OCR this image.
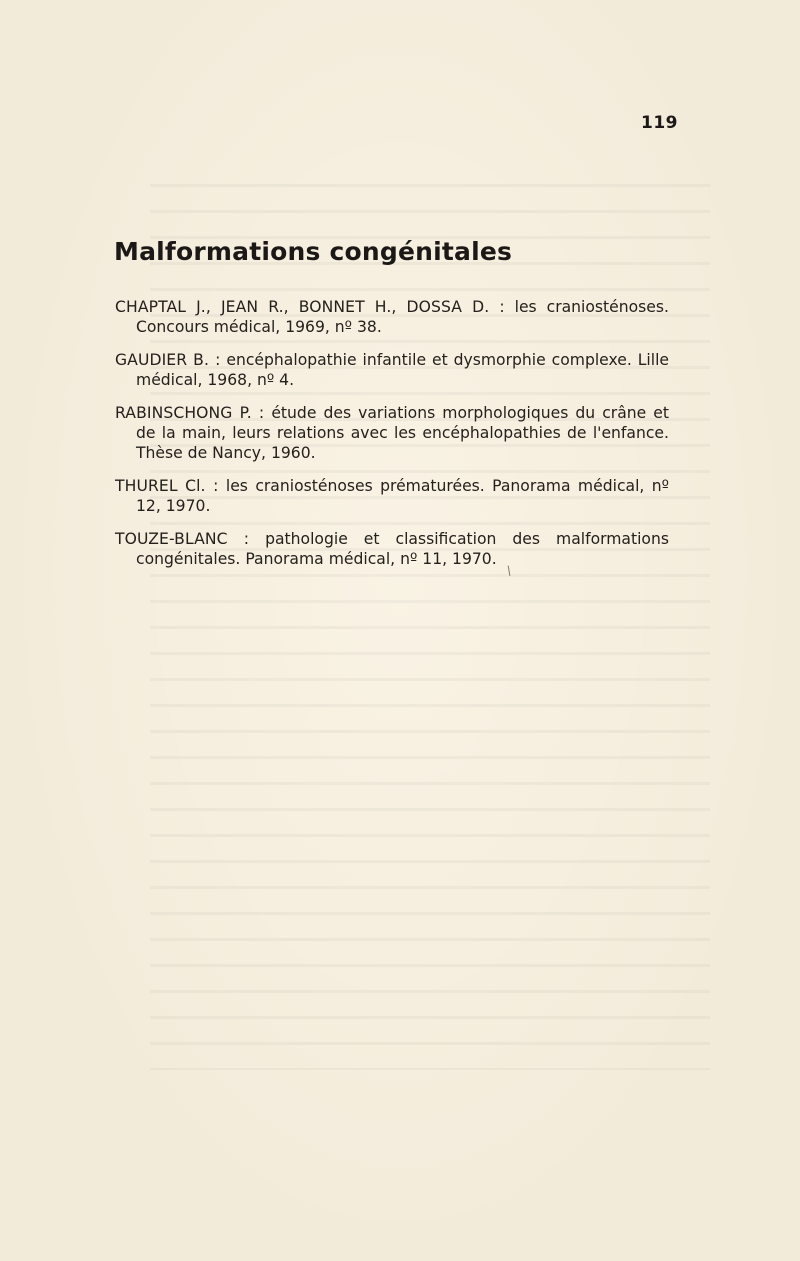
119
Malformations congénitales
CHAPTAL J., JEAN R., BONNET H., DOSSA D. : les craniosténoses. Concours médical, 1969, nº 38.
GAUDIER B. : encéphalopathie infantile et dysmorphie complexe. Lille médical, 1968, nº 4.
RABINSCHONG P. : étude des variations morphologiques du crâne et de la main, leurs relations avec les encéphalopathies de l'enfance. Thèse de Nancy, 1960.
THUREL Cl. : les craniosténoses prématurées. Panorama médical, nº 12, 1970.
TOUZE-BLANC : pathologie et classification des malformations congénitales. Panorama médical, nº 11, 1970.
\
